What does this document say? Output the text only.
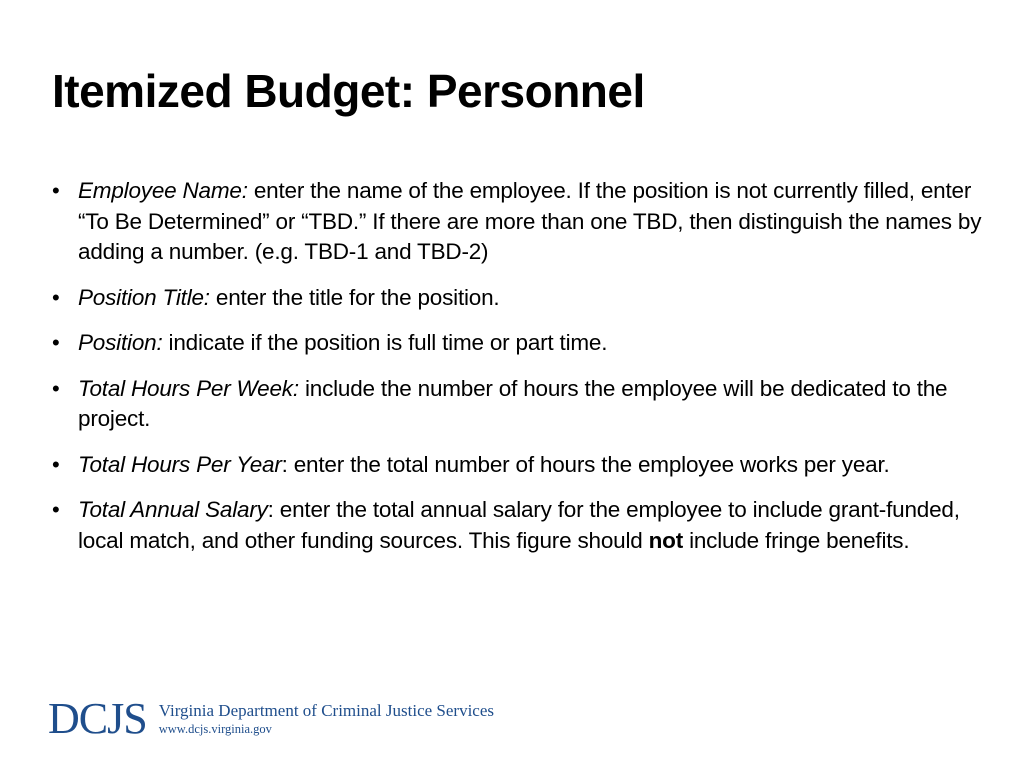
Itemized Budget: Personnel
• Employee Name: enter the name of the employee. If the position is not currently filled, enter “To Be Determined” or “TBD.” If there are more than one TBD, then distinguish the names by adding a number. (e.g. TBD-1 and TBD-2)
• Position Title: enter the title for the position.
• Position: indicate if the position is full time or part time.
• Total Hours Per Week: include the number of hours the employee will be dedicated to the project.
• Total Hours Per Year: enter the total number of hours the employee works per year.
• Total Annual Salary: enter the total annual salary for the employee to include grant-funded, local match, and other funding sources. This figure should not include fringe benefits.
DCJS Virginia Department of Criminal Justice Services
www.dcjs.virginia.gov
